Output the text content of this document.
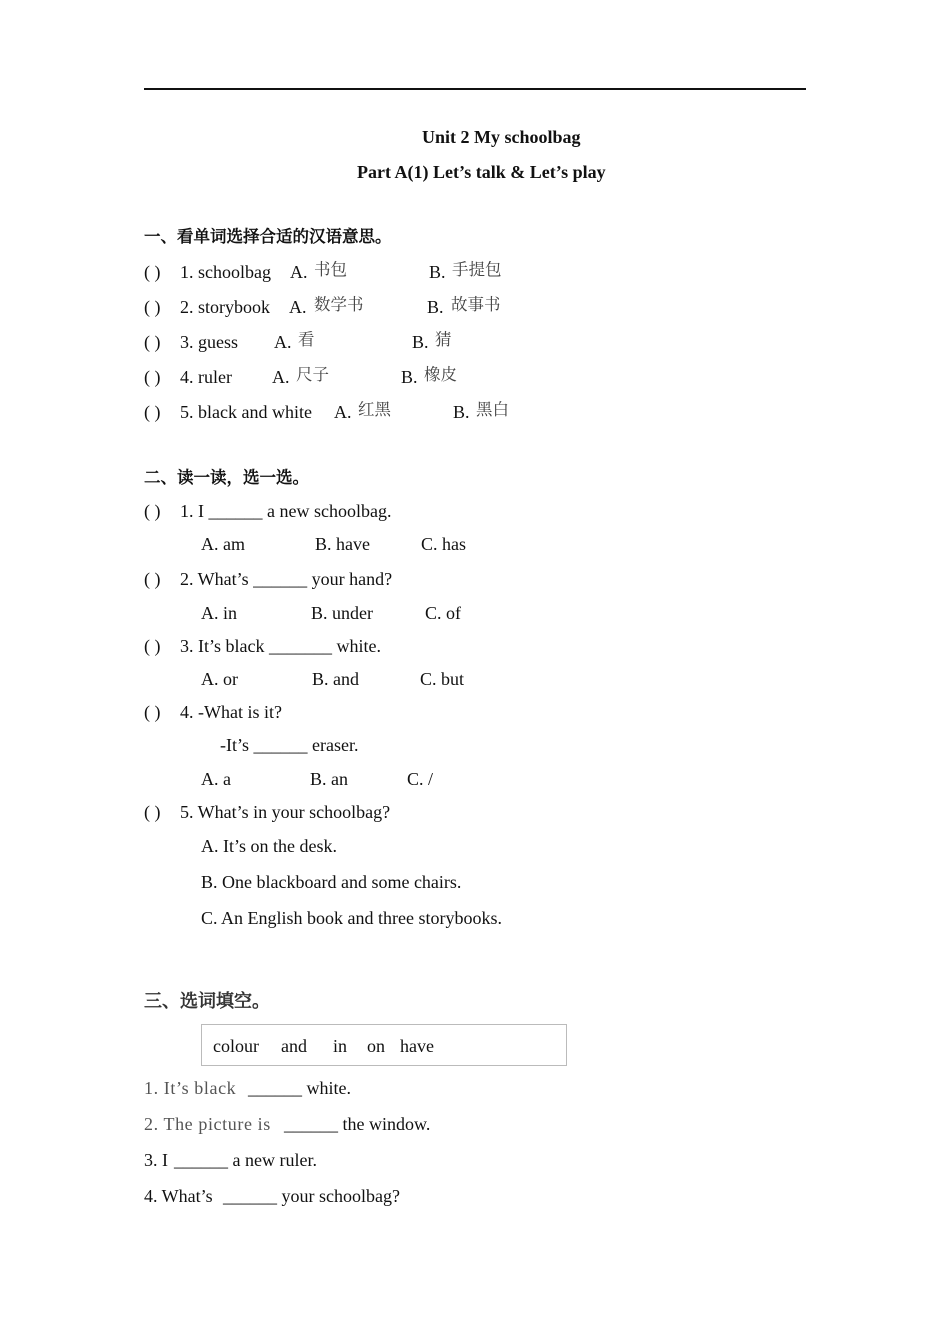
Unit 2 My schoolbag
Part A(1) Let’s talk & Let’s play
一、看单词选择合适的汉语意思。
( ) 1. schoolbag A. 书包	B. 手提包
( ) 2. storybook A. 数学书	B. 故事书
( ) 3. guess A. 看	B. 猜
( ) 4. ruler A. 尺子	B. 橡皮
( ) 5. black and white A. 红黑	B. 黑白
二、读一读，选一选。
( ) 1. I ______ a new schoolbag.
A. am	B. have	C. has
( ) 2. What’s ______ your hand?
A. in	B. under	C. of
( ) 3. It’s black _______ white.
A. or	B. and	C. but
( ) 4. -What is it?
-It’s ______ eraser.
A. a	B. an	C. /
( ) 5. What’s in your schoolbag?
A. It’s on the desk.
B. One blackboard and some chairs.
C. An English book and three storybooks.
三、选词填空。
colour and in on have
1. It’s black ______ white.
2. The picture is ______ the window.
3. I ______ a new ruler.
4. What’s ______ your schoolbag?
